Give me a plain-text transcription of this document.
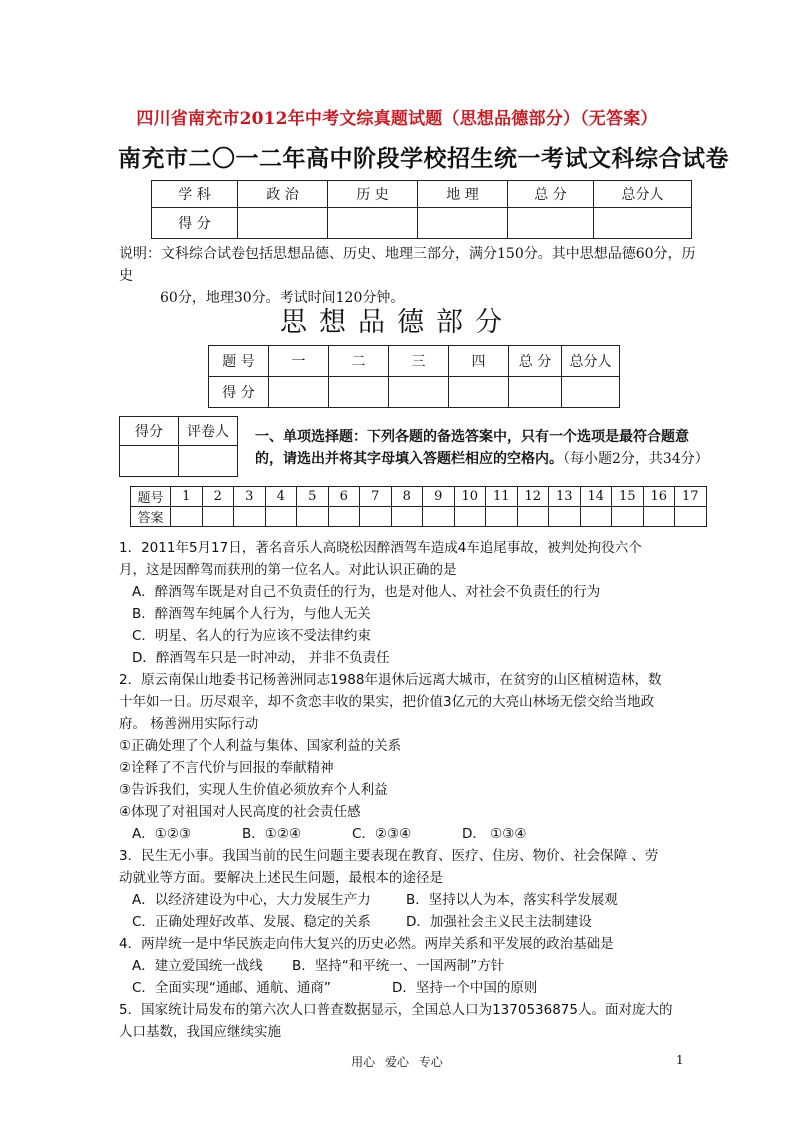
四川省南充市2012年中考文综真题试题（思想品德部分）（无答案）
南充市二〇一二年高中阶段学校招生统一考试文科综合试卷
学 科	政 治	历 史	地 理	总 分	总分人
得 分					
说明：文科综合试卷包括思想品德、历史、地理三部分，满分150分。其中思想品德60分，历史
60分，地理30分。考试时间120分钟。
思想品德部分
题 号	一	二	三	四	总 分	总分人
得 分						
得分	评卷人
	一、单项选择题：下列各题的备选答案中，只有一个选项是最符合题意的，请选出并将其字母填入答题栏相应的空格内。（每小题2分，共34分）
题号	1	2	3	4	5	6	7	8	9	10	11	12	13	14	15	16	17
答案																	

1．2011年5月17日，著名音乐人高晓松因醉酒驾车造成4车追尾事故，被判处拘役六个

月，这是因醉驾而获刑的第一位名人。对此认识正确的是

A．醉酒驾车既是对自己不负责任的行为，也是对他人、对社会不负责任的行为

B．醉酒驾车纯属个人行为，与他人无关

C．明星、名人的行为应该不受法律约束

D．醉酒驾车只是一时冲动， 并非不负责任

2．原云南保山地委书记杨善洲同志1988年退休后远离大城市，在贫穷的山区植树造林，数

十年如一日。历尽艰辛，却不贪恋丰收的果实，把价值3亿元的大亮山林场无偿交给当地政

府。 杨善洲用实际行动

①正确处理了个人利益与集体、国家利益的关系

②诠释了不言代价与回报的奉献精神

③告诉我们，实现人生价值必须放弃个人利益

④体现了对祖国对人民高度的社会责任感

A．①②③	B．①②④	C．②③④	D． ①③④

3．民生无小事。我国当前的民生问题主要表现在教育、医疗、住房、物价、社会保障 、劳

动就业等方面。要解决上述民生问题，最根本的途径是

A．以经济建设为中心，大力发展生产力	B．坚持以人为本，落实科学发展观

C．正确处理好改革、发展、稳定的关系	D．加强社会主义民主法制建设

4．两岸统一是中华民族走向伟大复兴的历史必然。两岸关系和平发展的政治基础是

A．建立爱国统一战线 B．坚持“和平统一、一国两制”方针

C．全面实现“通邮、通航、通商”	D．坚持一个中国的原则

5．国家统计局发布的第六次人口普查数据显示，全国总人口为1370536875人。面对庞大的

人口基数，我国应继续实施

用心 爱心 专心	1
